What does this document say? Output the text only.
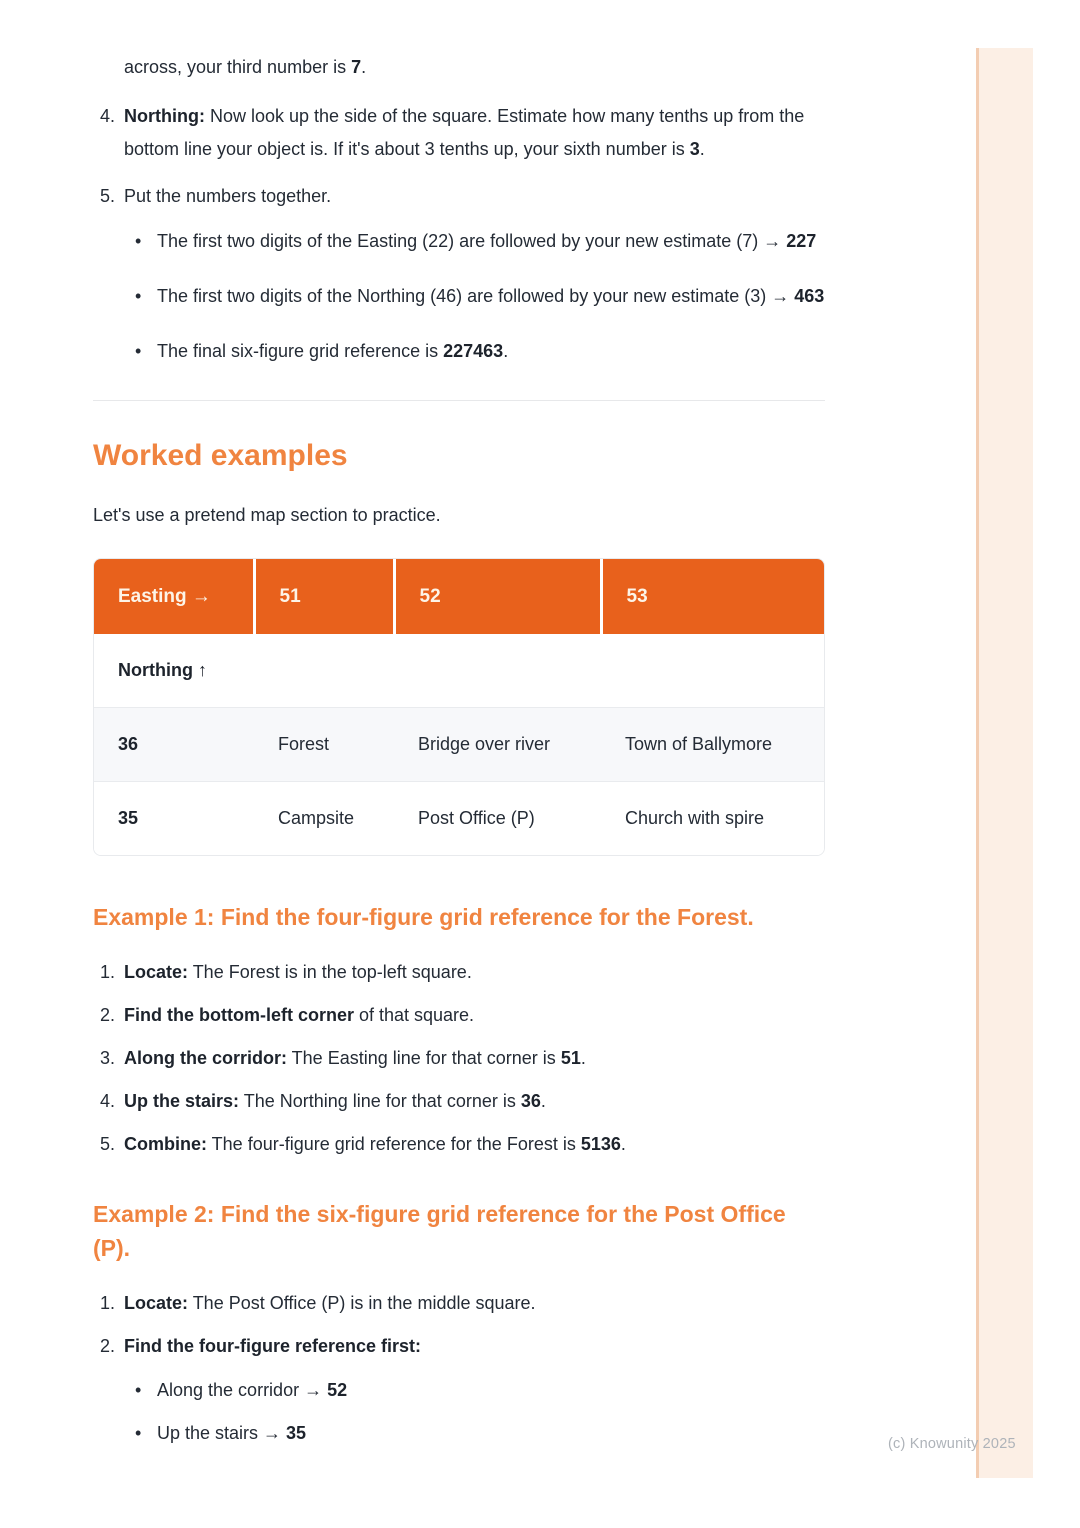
(c) Knowunity 2025

across, your third number is 7.

4. Northing: Now look up the side of the square. Estimate how many tenths up from the bottom line your object is. If it's about 3 tenths up, your sixth number is 3.
5. Put the numbers together.
• The first two digits of the Easting (22) are followed by your new estimate (7) → 227
• The first two digits of the Northing (46) are followed by your new estimate (3) → 463
• The final six-figure grid reference is 227463.
Worked examples

Let's use a pretend map section to practice.

Easting →	51	52	53
Northing ↑			
36	Forest	Bridge over river	Town of Ballymore
35	Campsite	Post Office (P)	Church with spire
Example 1: Find the four-figure grid reference for the Forest.
1. Locate: The Forest is in the top-left square.
2. Find the bottom-left corner of that square.
3. Along the corridor: The Easting line for that corner is 51.
4. Up the stairs: The Northing line for that corner is 36.
5. Combine: The four-figure grid reference for the Forest is 5136.
Example 2: Find the six-figure grid reference for the Post Office (P).
1. Locate: The Post Office (P) is in the middle square.
2. Find the four-figure reference first:
• Along the corridor → 52
• Up the stairs → 35
